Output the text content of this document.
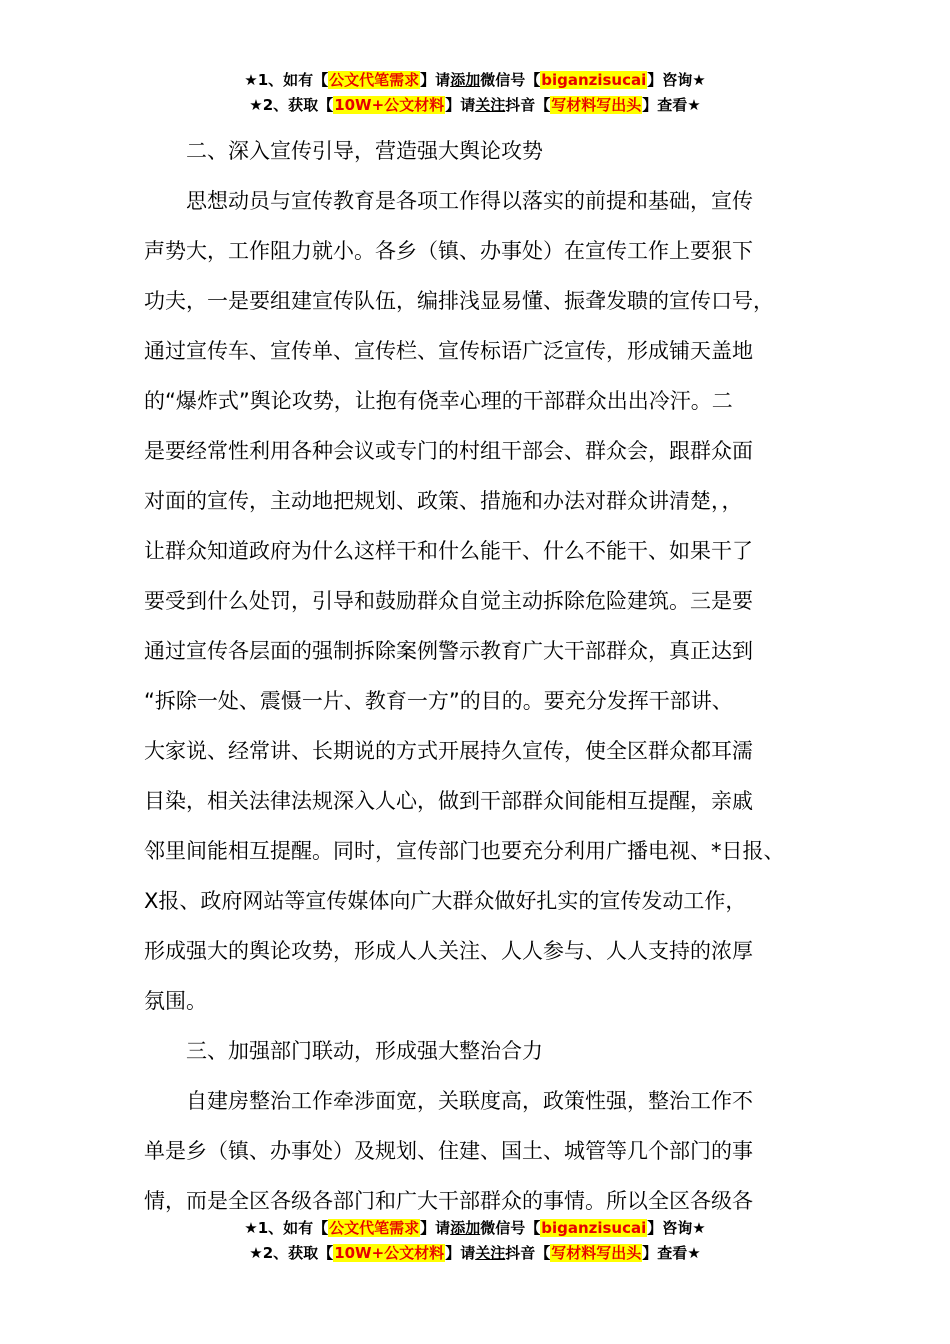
★1、如有【公文代笔需求】请添加微信号【biganzisucai】咨询★
★2、获取【10W+公文材料】请关注抖音【写材料写出头】查看★

二、深入宣传引导，营造强大舆论攻势

思想动员与宣传教育是各项工作得以落实的前提和基础，宣传
声势大，工作阻力就小。各乡（镇、办事处）在宣传工作上要狠下
功夫，一是要组建宣传队伍，编排浅显易懂、振聋发聩的宣传口号，
通过宣传车、宣传单、宣传栏、宣传标语广泛宣传，形成铺天盖地
的“爆炸式”舆论攻势，让抱有侥幸心理的干部群众出出冷汗。二
是要经常性利用各种会议或专门的村组干部会、群众会，跟群众面
对面的宣传，主动地把规划、政策、措施和办法对群众讲清楚，，
让群众知道政府为什么这样干和什么能干、什么不能干、如果干了
要受到什么处罚，引导和鼓励群众自觉主动拆除危险建筑。三是要
通过宣传各层面的强制拆除案例警示教育广大干部群众，真正达到
“拆除一处、震慑一片、教育一方”的目的。要充分发挥干部讲、
大家说、经常讲、长期说的方式开展持久宣传，使全区群众都耳濡
目染，相关法律法规深入人心，做到干部群众间能相互提醒，亲戚
邻里间能相互提醒。同时，宣传部门也要充分利用广播电视、*日报、
X报、政府网站等宣传媒体向广大群众做好扎实的宣传发动工作，
形成强大的舆论攻势，形成人人关注、人人参与、人人支持的浓厚
氛围。

三、加强部门联动，形成强大整治合力

自建房整治工作牵涉面宽，关联度高，政策性强，整治工作不
单是乡（镇、办事处）及规划、住建、国土、城管等几个部门的事
情，而是全区各级各部门和广大干部群众的事情。所以全区各级各

★1、如有【公文代笔需求】请添加微信号【biganzisucai】咨询★
★2、获取【10W+公文材料】请关注抖音【写材料写出头】查看★
